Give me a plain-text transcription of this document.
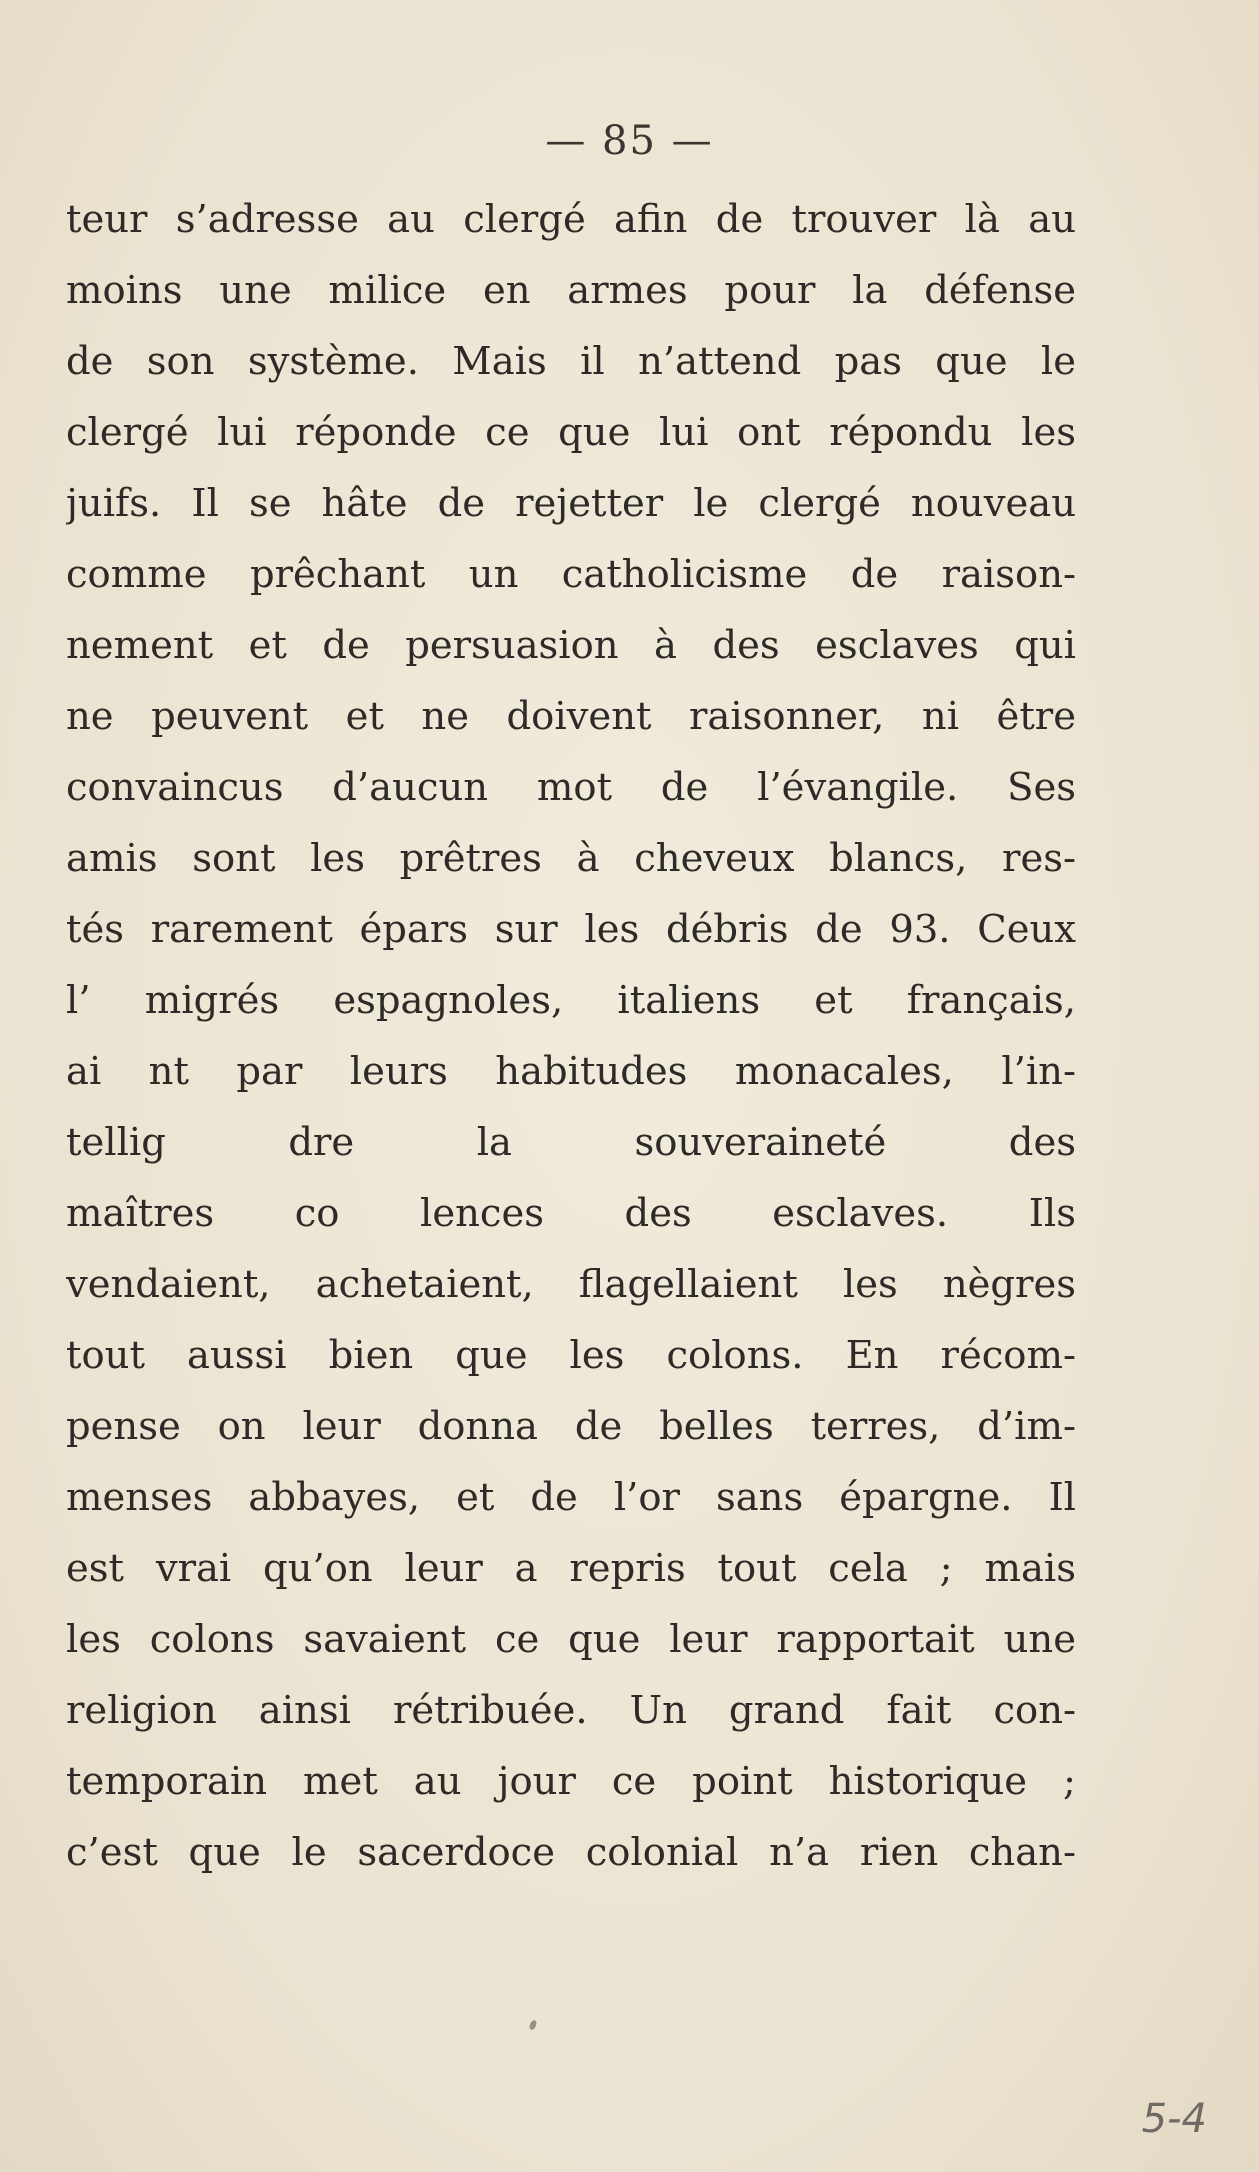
— 85 —
teur s’adresse au clergé afin de trouver là au
moins une milice en armes pour la défense
de son système. Mais il n’attend pas que le
clergé lui réponde ce que lui ont répondu les
juifs. Il se hâte de rejetter le clergé nouveau
comme prêchant un catholicisme de raison-
nement et de persuasion à des esclaves qui
ne peuvent et ne doivent raisonner, ni être
convaincus d’aucun mot de l’évangile. Ses
amis sont les prêtres à cheveux blancs, res-
tés rarement épars sur les débris de 93. Ceux
l’ migrés espagnoles, italiens et français,
ai nt par leurs habitudes monacales, l’in-
tellig dre la souveraineté des
maîtres co lences des esclaves. Ils
vendaient, achetaient, flagellaient les nègres
tout aussi bien que les colons. En récom-
pense on leur donna de belles terres, d’im-
menses abbayes, et de l’or sans épargne. Il
est vrai qu’on leur a repris tout cela ; mais
les colons savaient ce que leur rapportait une
religion ainsi rétribuée. Un grand fait con-
temporain met au jour ce point historique ;
c’est que le sacerdoce colonial n’a rien chan-
5-4
